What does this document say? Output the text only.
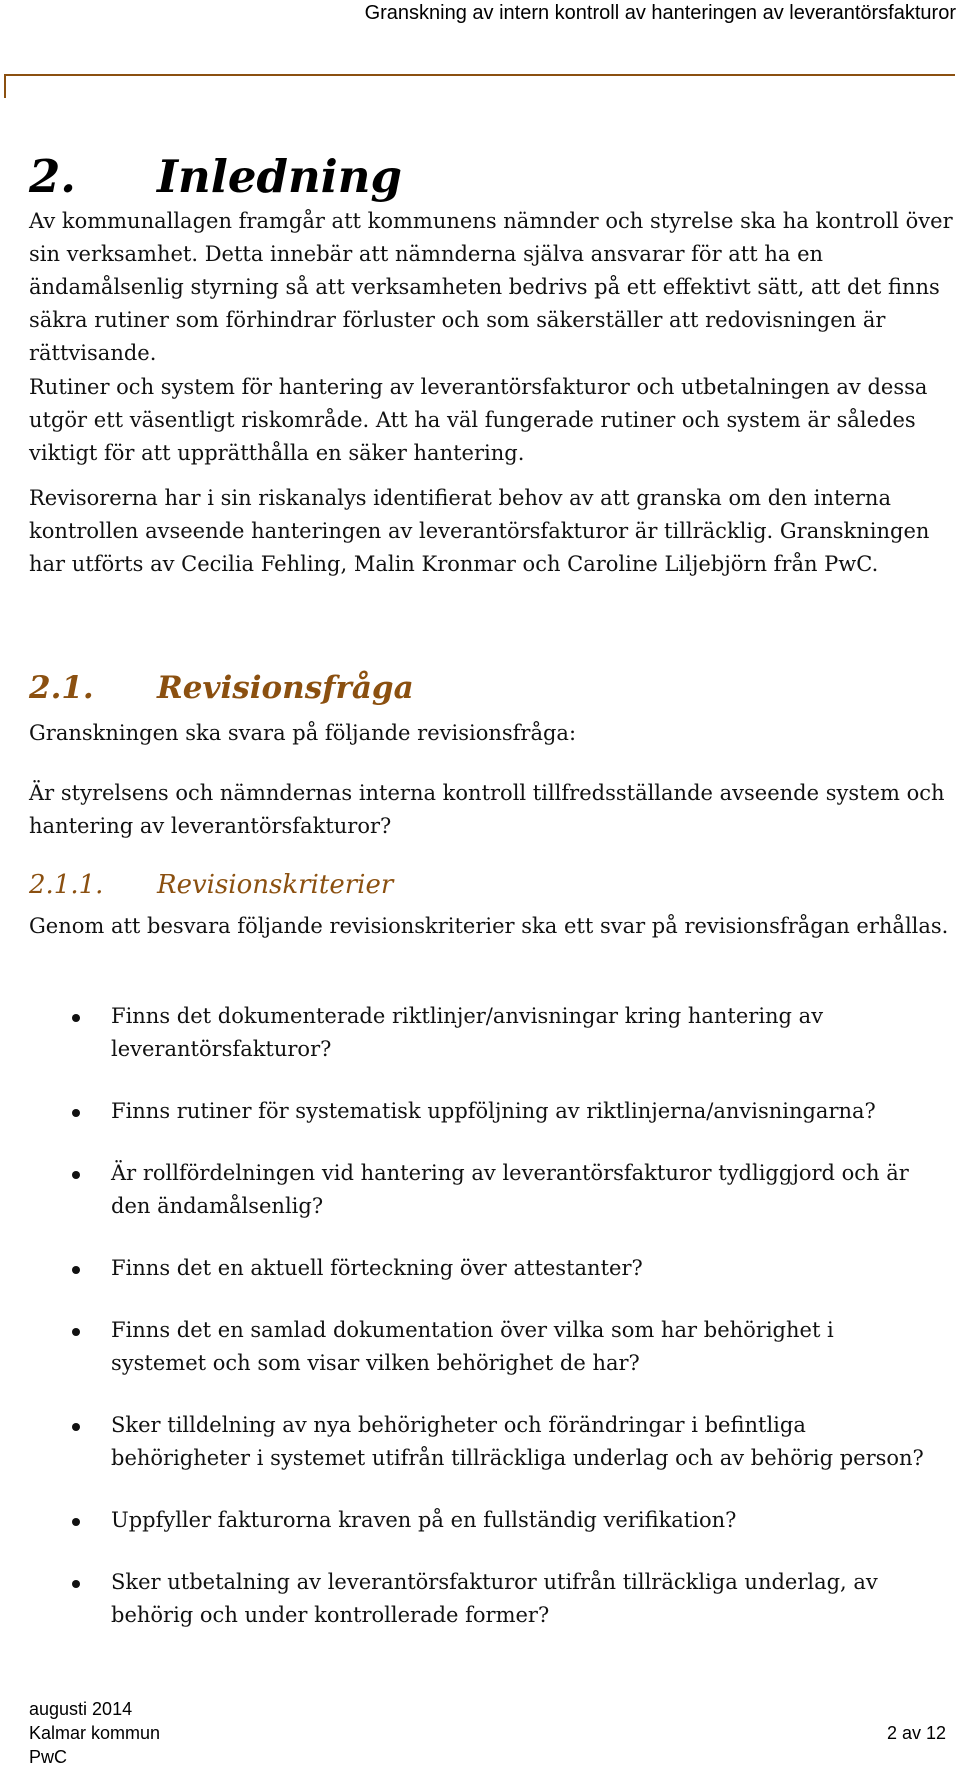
Granskning av intern kontroll av hanteringen av leverantörsfakturor
2. Inledning

Av kommunallagen framgår att kommunens nämnder och styrelse ska ha kontroll över sin verksamhet. Detta innebär att nämnderna själva ansvarar för att ha en ändamålsenlig styrning så att verksamheten bedrivs på ett effektivt sätt, att det finns säkra rutiner som förhindrar förluster och som säkerställer att redovisningen är rättvisande.

Rutiner och system för hantering av leverantörsfakturor och utbetalningen av dessa utgör ett väsentligt riskområde. Att ha väl fungerade rutiner och system är således viktigt för att upprätthålla en säker hantering.

Revisorerna har i sin riskanalys identifierat behov av att granska om den interna kontrollen avseende hanteringen av leverantörsfakturor är tillräcklig. Granskningen har utförts av Cecilia Fehling, Malin Kronmar och Caroline Liljebjörn från PwC.

2.1. Revisionsfråga

Granskningen ska svara på följande revisionsfråga:

Är styrelsens och nämndernas interna kontroll tillfredsställande avseende system och hantering av leverantörsfakturor?

2.1.1. Revisionskriterier

Genom att besvara följande revisionskriterier ska ett svar på revisionsfrågan erhållas.

Finns det dokumenterade riktlinjer/anvisningar kring hantering av leverantörsfakturor?
Finns rutiner för systematisk uppföljning av riktlinjerna/anvisningarna?
Är rollfördelningen vid hantering av leverantörsfakturor tydliggjord och är den ändamålsenlig?
Finns det en aktuell förteckning över attestanter?
Finns det en samlad dokumentation över vilka som har behörighet i systemet och som visar vilken behörighet de har?
Sker tilldelning av nya behörigheter och förändringar i befintliga behörigheter i systemet utifrån tillräckliga underlag och av behörig person?
Uppfyller fakturorna kraven på en fullständig verifikation?
Sker utbetalning av leverantörsfakturor utifrån tillräckliga underlag, av behörig och under kontrollerade former?
augusti 2014
Kalmar kommun
PwC
2 av 12
